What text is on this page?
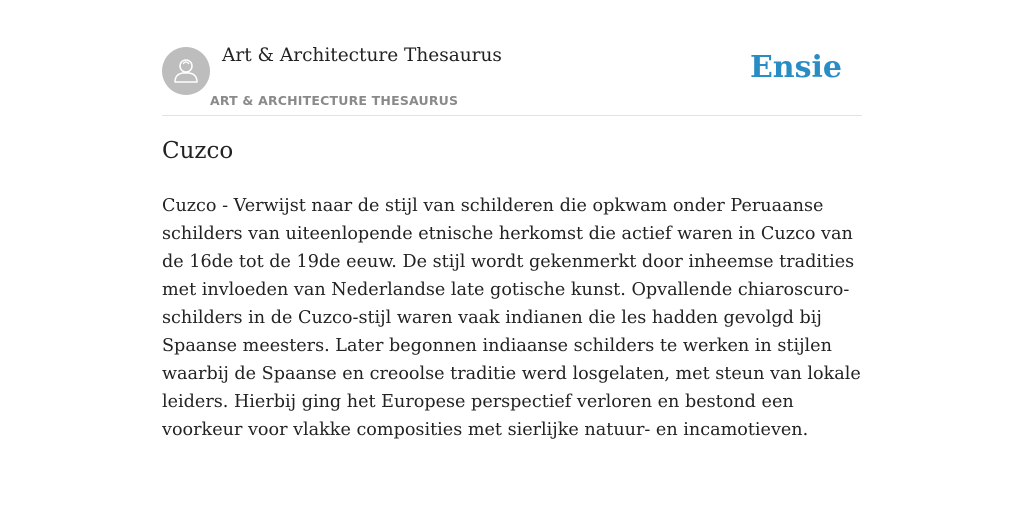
Art & Architecture Thesaurus
ART & ARCHITECTURE THESAURUS
Ensie
Cuzco

Cuzco - Verwijst naar de stijl van schilderen die opkwam onder Peruaanse schilders van uiteenlopende etnische herkomst die actief waren in Cuzco van de 16de tot de 19de eeuw. De stijl wordt gekenmerkt door inheemse tradities met invloeden van Nederlandse late gotische kunst. Opvallende chiaroscuro-schilders in de Cuzco-stijl waren vaak indianen die les hadden gevolgd bij Spaanse meesters. Later begonnen indiaanse schilders te werken in stijlen waarbij de Spaanse en creoolse traditie werd losgelaten, met steun van lokale leiders. Hierbij ging het Europese perspectief verloren en bestond een voorkeur voor vlakke composities met sierlijke natuur- en incamotieven.
